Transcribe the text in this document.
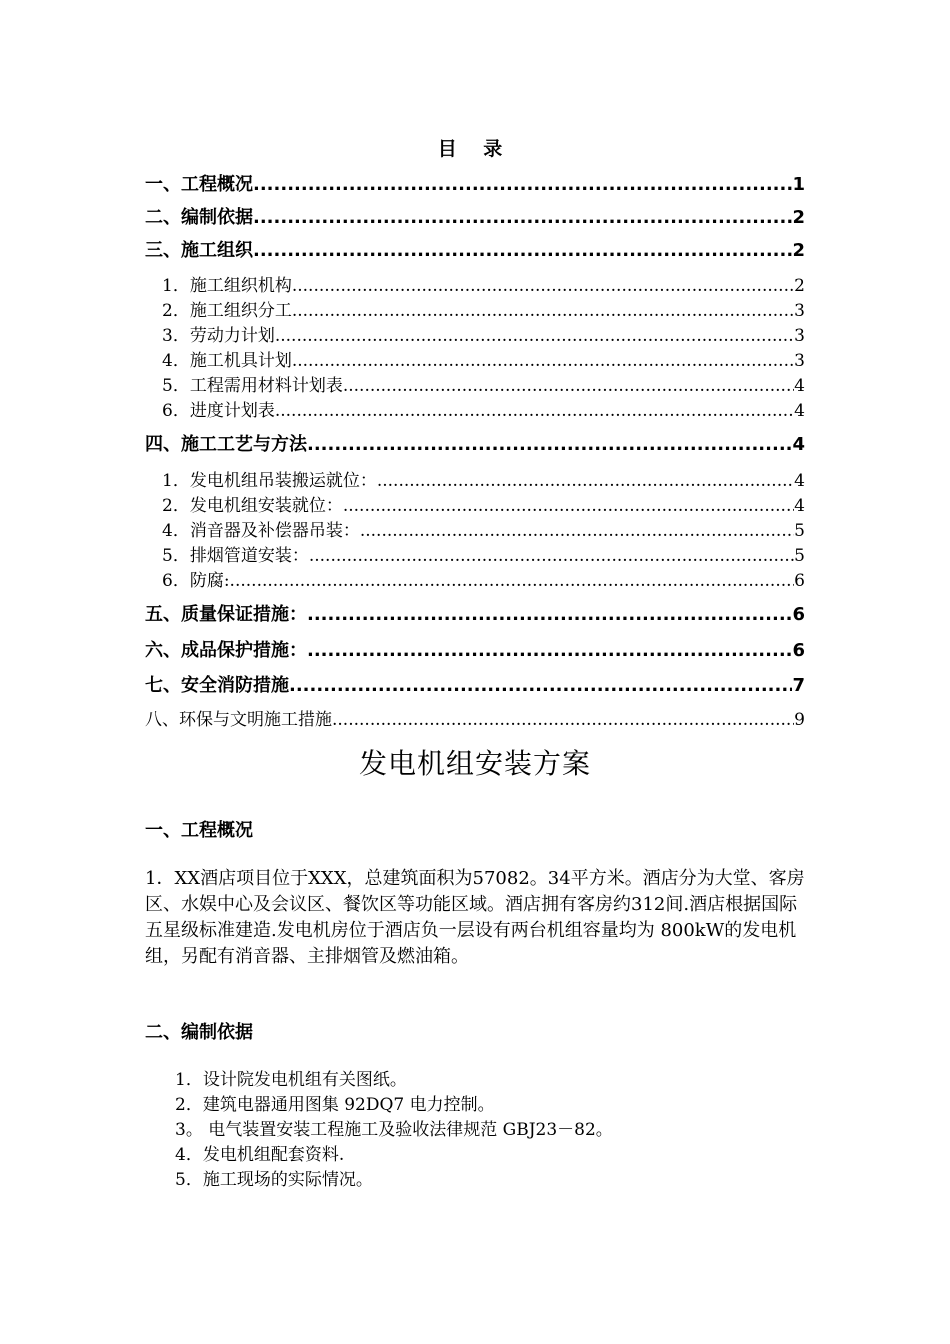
目 录
一、工程概况 .....	1
二、编制依据 .....	2
三、施工组织 .....	2
1．施工组织机构 .....	2
2．施工组织分工 .....	3
3．劳动力计划 .....	3
4．施工机具计划 .....	3
5．工程需用材料计划表 .....	4
6．进度计划表 .....	4
四、施工工艺与方法 .....	4
1．发电机组吊装搬运就位： .....	4
2．发电机组安装就位： .....	4
4．消音器及补偿器吊装： .....	5
5．排烟管道安装： .....	5
6．防腐: .....	6
五、质量保证措施： .....	6
六、成品保护措施： .....	6
七、安全消防措施 .....	7
八、环保与文明施工措施 .....	9
发电机组安装方案
一、工程概况
1．XX酒店项目位于XXX，总建筑面积为57082。34平方米。酒店分为大堂、客房区、水娱中心及会议区、餐饮区等功能区域。酒店拥有客房约312间.酒店根据国际五星级标准建造.发电机房位于酒店负一层设有两台机组容量均为 800kW的发电机组，另配有消音器、主排烟管及燃油箱。
二、编制依据
1．设计院发电机组有关图纸。
2．建筑电器通用图集 92DQ7 电力控制。
3。 电气装置安装工程施工及验收法律规范 GBJ23－82。
4．发电机组配套资料.
5．施工现场的实际情况。
